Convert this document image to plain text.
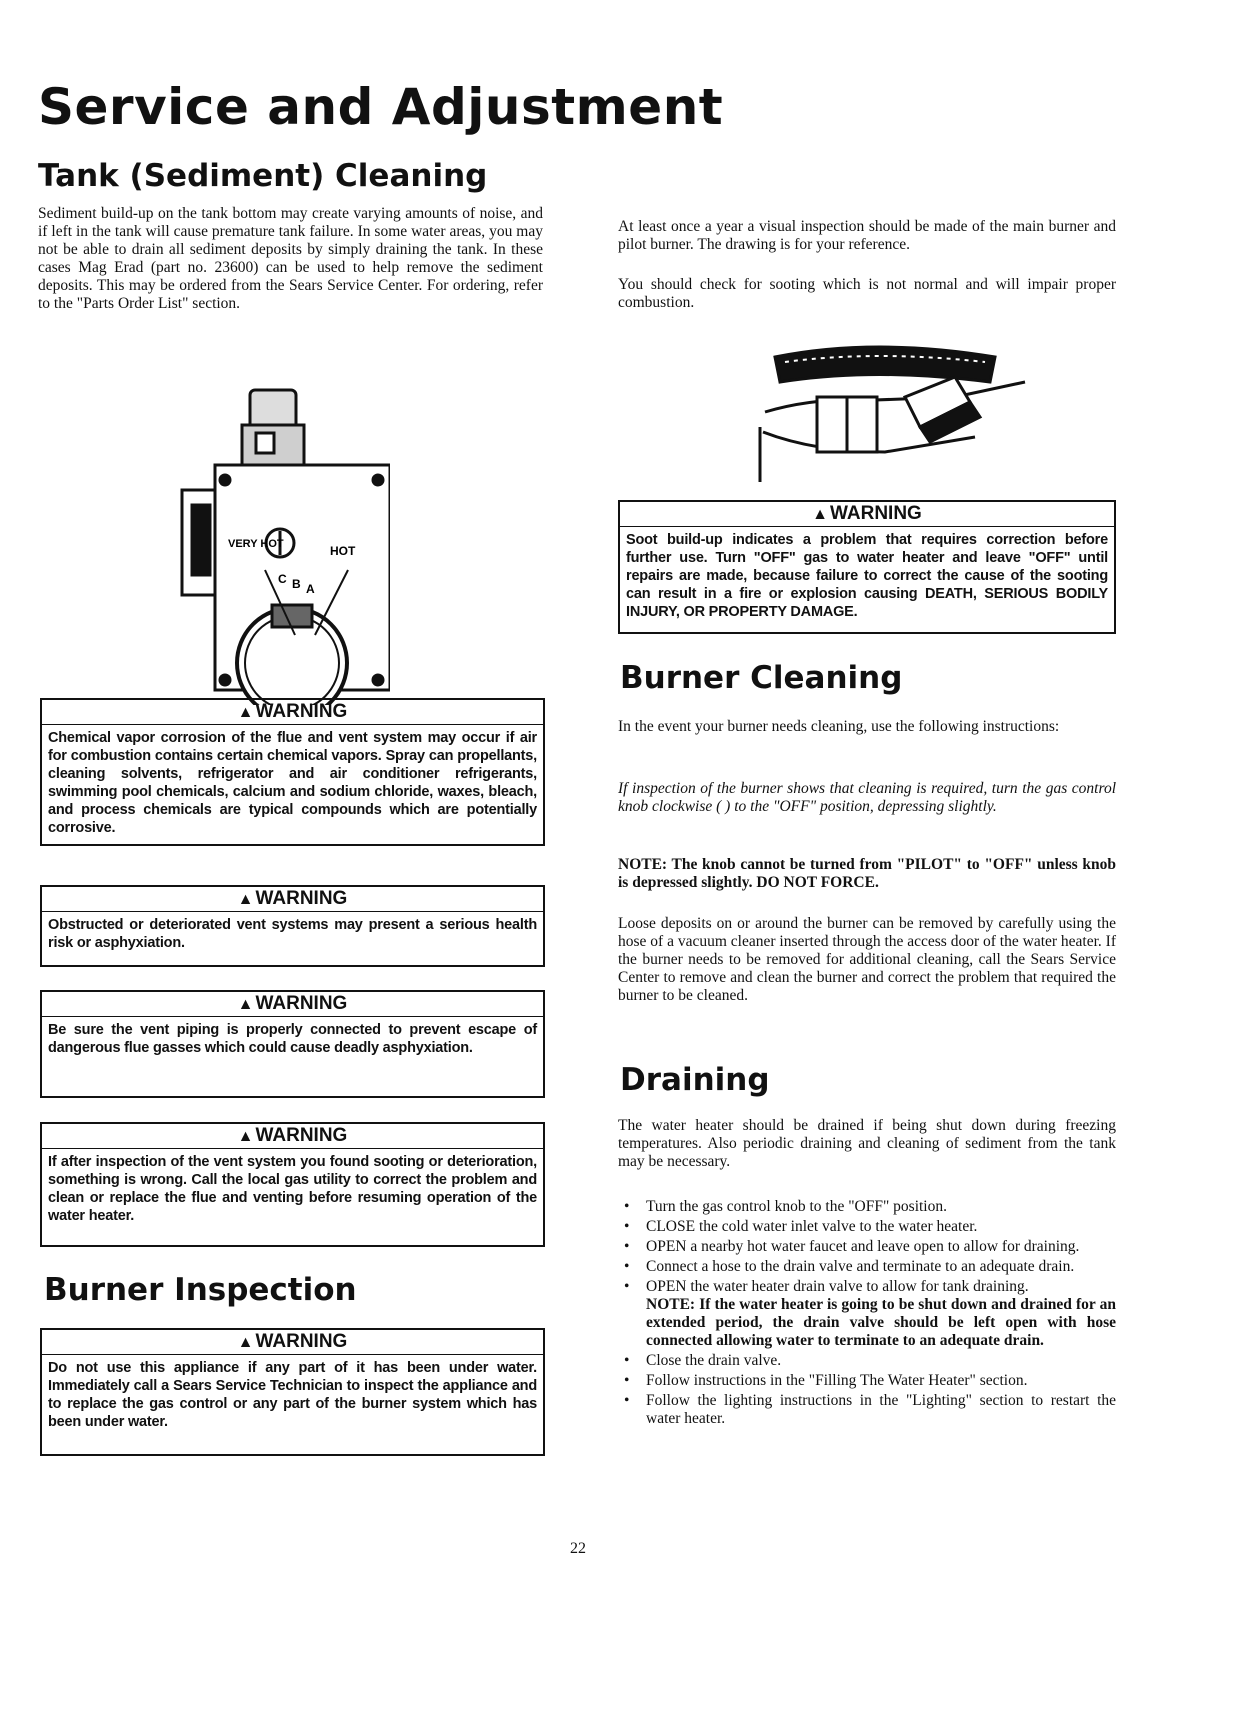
Service and Adjustment
Tank (Sediment) Cleaning

Sediment build-up on the tank bottom may create varying amounts of noise, and if left in the tank will cause premature tank failure. In some water areas, you may not be able to drain all sediment deposits by simply draining the tank. In these cases Mag Erad (part no. 23600) can be used to help remove the sediment deposits. This may be ordered from the Sears Service Center. For ordering, refer to the "Parts Order List" section.

VERY HOT	HOT
C B A
▲ WARNING
Chemical vapor corrosion of the flue and vent system may occur if air for combustion contains certain chemical vapors. Spray can propellants, cleaning solvents, refrigerator and air conditioner refrigerants, swimming pool chemicals, calcium and sodium chloride, waxes, bleach, and process chemicals are typical compounds which are potentially corrosive.
▲ WARNING
Obstructed or deteriorated vent systems may present a serious health risk or asphyxiation.
▲ WARNING
Be sure the vent piping is properly connected to prevent escape of dangerous flue gasses which could cause deadly asphyxiation.
▲ WARNING
If after inspection of the vent system you found sooting or deterioration, something is wrong. Call the local gas utility to correct the problem and clean or replace the flue and venting before resuming operation of the water heater.
Burner Inspection
▲ WARNING
Do not use this appliance if any part of it has been under water. Immediately call a Sears Service Technician to inspect the appliance and to replace the gas control or any part of the burner system which has been under water.

At least once a year a visual inspection should be made of the main burner and pilot burner. The drawing is for your reference.

You should check for sooting which is not normal and will impair proper combustion.

▲ WARNING
Soot build-up indicates a problem that requires correction before further use. Turn "OFF" gas to water heater and leave "OFF" until repairs are made, because failure to correct the cause of the sooting can result in a fire or explosion causing DEATH, SERIOUS BODILY INJURY, OR PROPERTY DAMAGE.
Burner Cleaning

In the event your burner needs cleaning, use the following instructions:

If inspection of the burner shows that cleaning is required, turn the gas control knob clockwise ( ) to the "OFF" position, depressing slightly.

NOTE: The knob cannot be turned from "PILOT" to "OFF" unless knob is depressed slightly. DO NOT FORCE.

Loose deposits on or around the burner can be removed by carefully using the hose of a vacuum cleaner inserted through the access door of the water heater. If the burner needs to be removed for additional cleaning, call the Sears Service Center to remove and clean the burner and correct the problem that required the burner to be cleaned.

Draining

The water heater should be drained if being shut down during freezing temperatures. Also periodic draining and cleaning of sediment from the tank may be necessary.

• Turn the gas control knob to the "OFF" position.
• CLOSE the cold water inlet valve to the water heater.
• OPEN a nearby hot water faucet and leave open to allow for draining.
• Connect a hose to the drain valve and terminate to an adequate drain.
• OPEN the water heater drain valve to allow for tank draining.
NOTE: If the water heater is going to be shut down and drained for an extended period, the drain valve should be left open with hose connected allowing water to terminate to an adequate drain.
• Close the drain valve.
• Follow instructions in the "Filling The Water Heater" section.
• Follow the lighting instructions in the "Lighting" section to restart the water heater.
22
